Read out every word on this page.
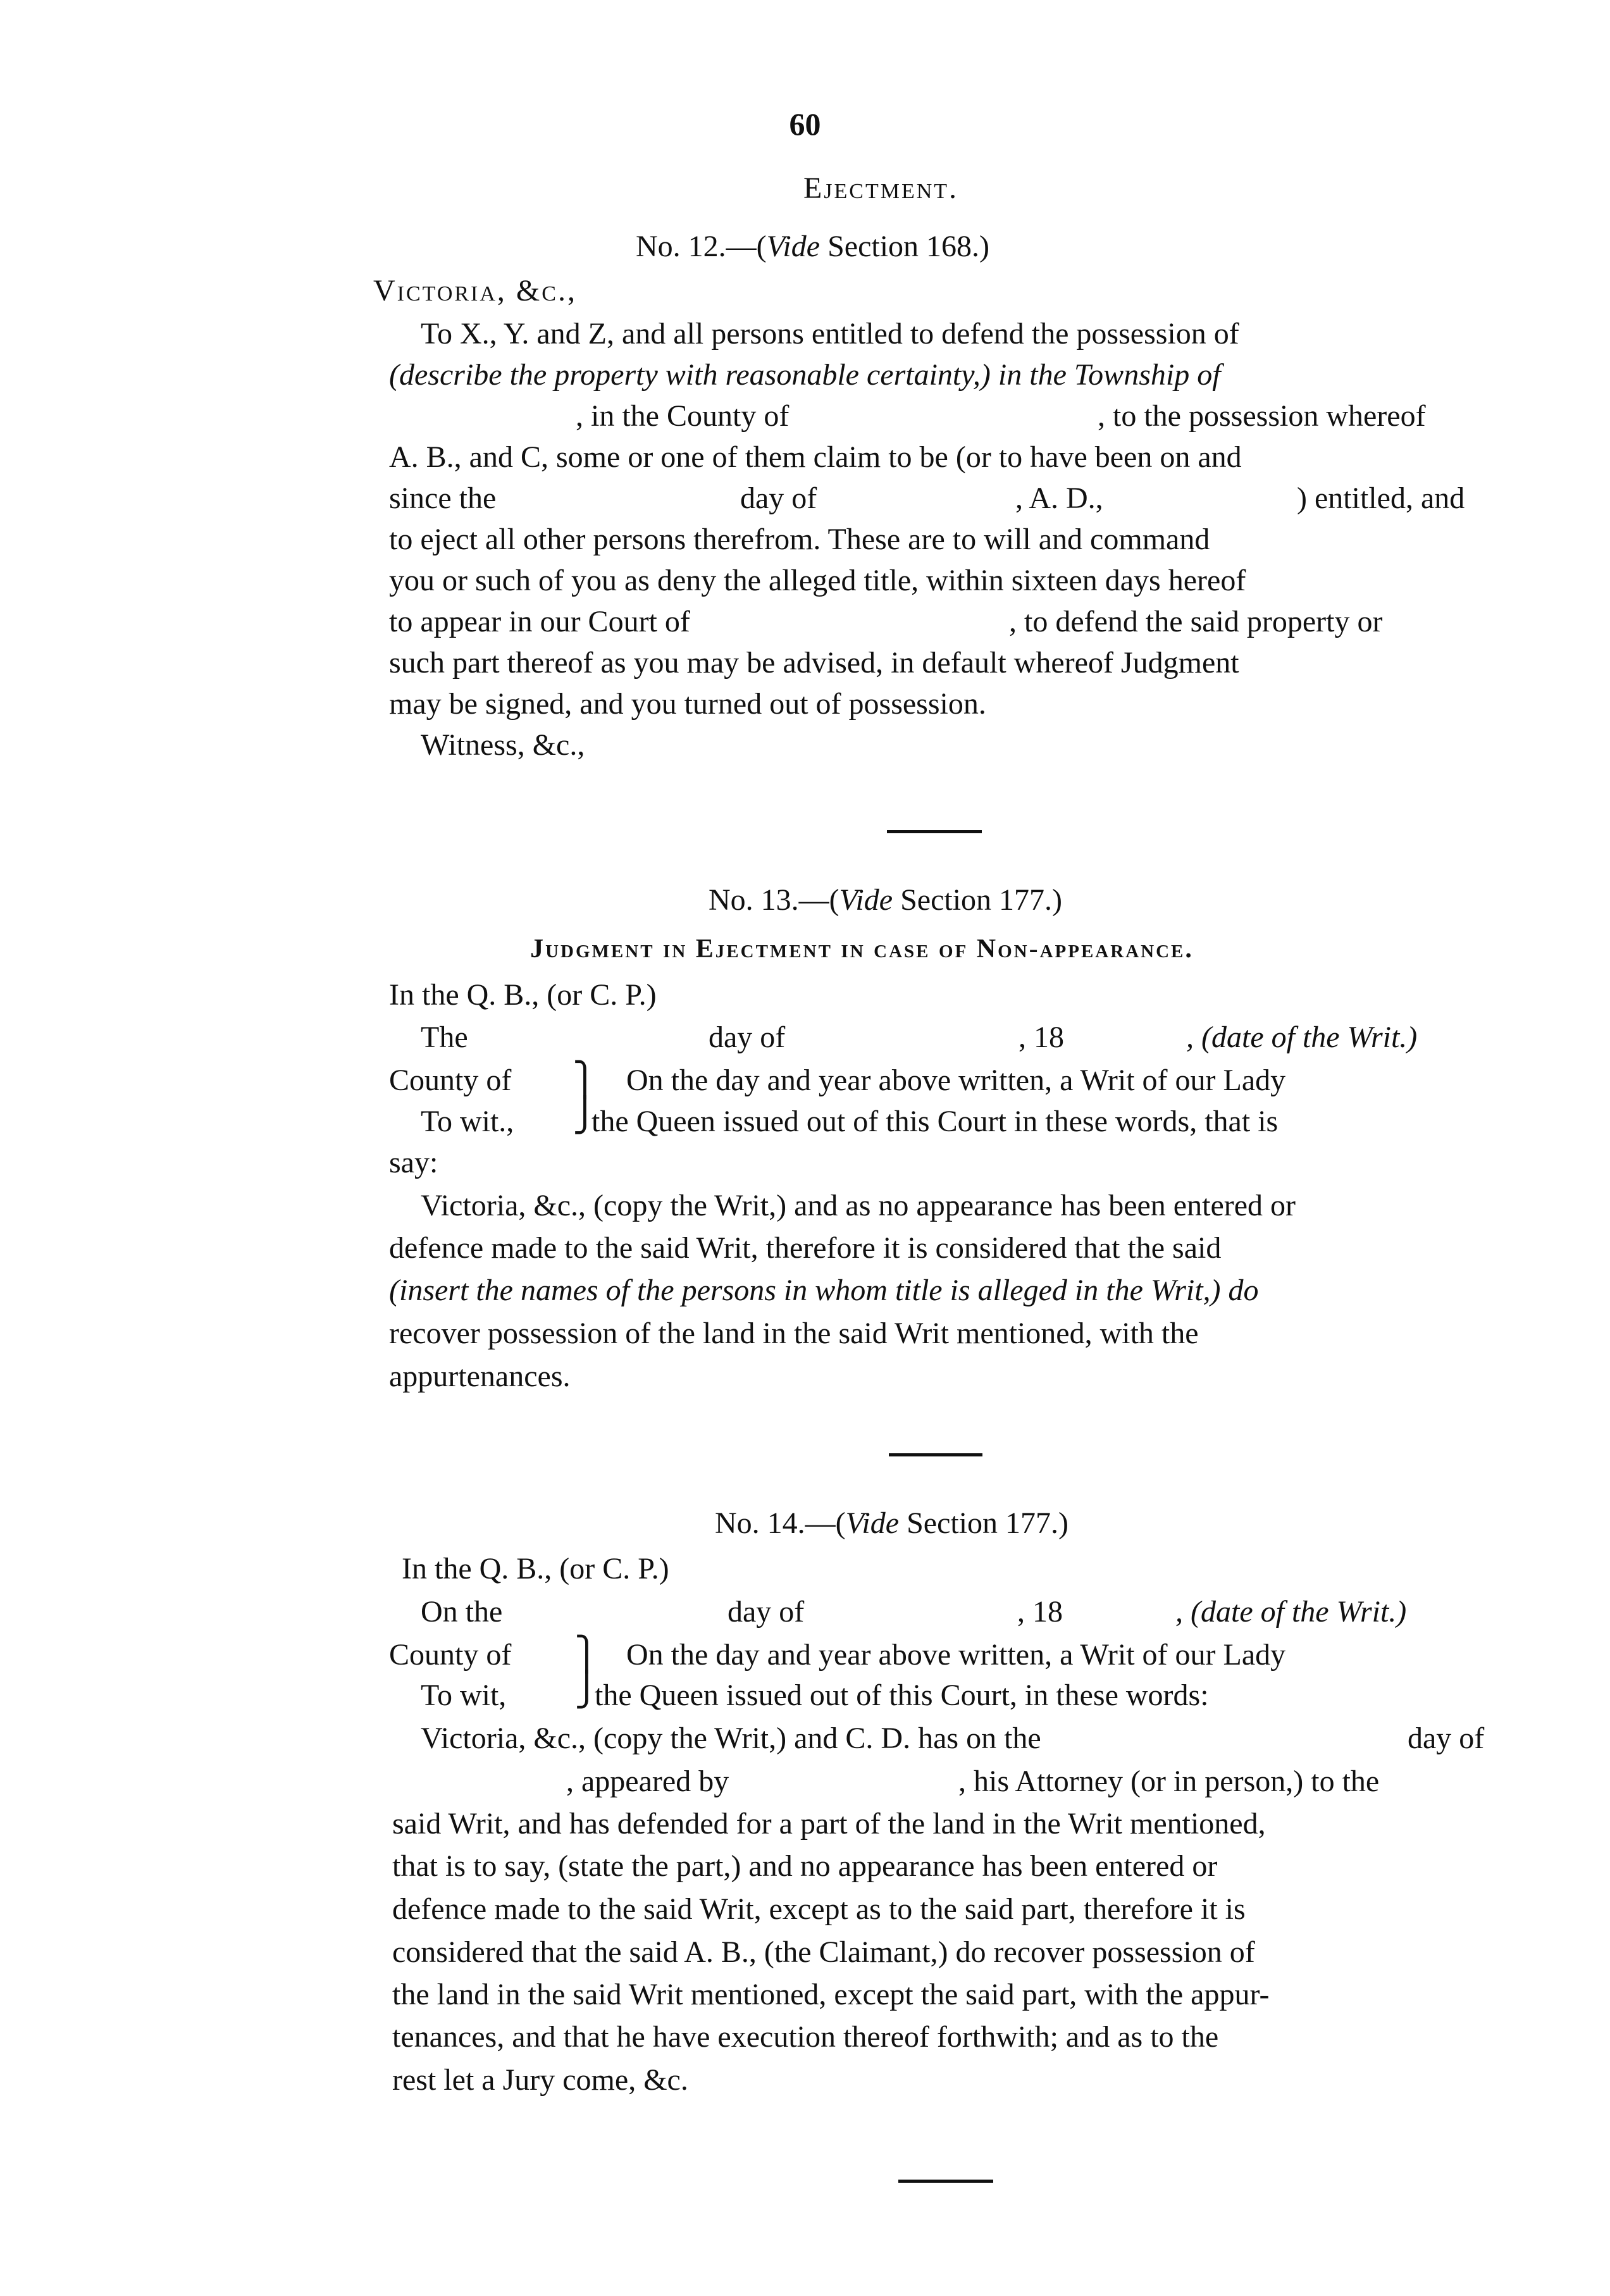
60
Ejectment.
No. 12.—(Vide Section 168.)
Victoria, &c.,
To X., Y. and Z, and all persons entitled to defend the possession of
(describe the property with reasonable certainty,) in the Township of
, in the County of	, to the possession whereof
A. B., and C, some or one of them claim to be (or to have been on and
since the	day of	, A. D.,	) entitled, and
to eject all other persons therefrom. These are to will and command
you or such of you as deny the alleged title, within sixteen days hereof
to appear in our Court of	, to defend the said property or
such part thereof as you may be advised, in default whereof Judgment
may be signed, and you turned out of possession.
Witness, &c.,
No. 13.—(Vide Section 177.)
Judgment in Ejectment in case of Non-appearance.
In the Q. B., (or C. P.)
The	day of	, 18	, (date of the Writ.)
County of ⎫
⎭
On the day and year above written, a Writ of our Lady
To wit.,	the Queen issued out of this Court in these words, that is
say:
Victoria, &c., (copy the Writ,) and as no appearance has been entered or
defence made to the said Writ, therefore it is considered that the said
(insert the names of the persons in whom title is alleged in the Writ,) do
recover possession of the land in the said Writ mentioned, with the
appurtenances.
No. 14.—(Vide Section 177.)
In the Q. B., (or C. P.)
On the	day of	, 18	, (date of the Writ.)
County of ⎫
⎭
On the day and year above written, a Writ of our Lady
To wit,	the Queen issued out of this Court, in these words:
Victoria, &c., (copy the Writ,) and C. D. has on the	day of
, appeared by	, his Attorney (or in person,) to the
said Writ, and has defended for a part of the land in the Writ mentioned,
that is to say, (state the part,) and no appearance has been entered or
defence made to the said Writ, except as to the said part, therefore it is
considered that the said A. B., (the Claimant,) do recover possession of
the land in the said Writ mentioned, except the said part, with the appur-
tenances, and that he have execution thereof forthwith; and as to the
rest let a Jury come, &c.
